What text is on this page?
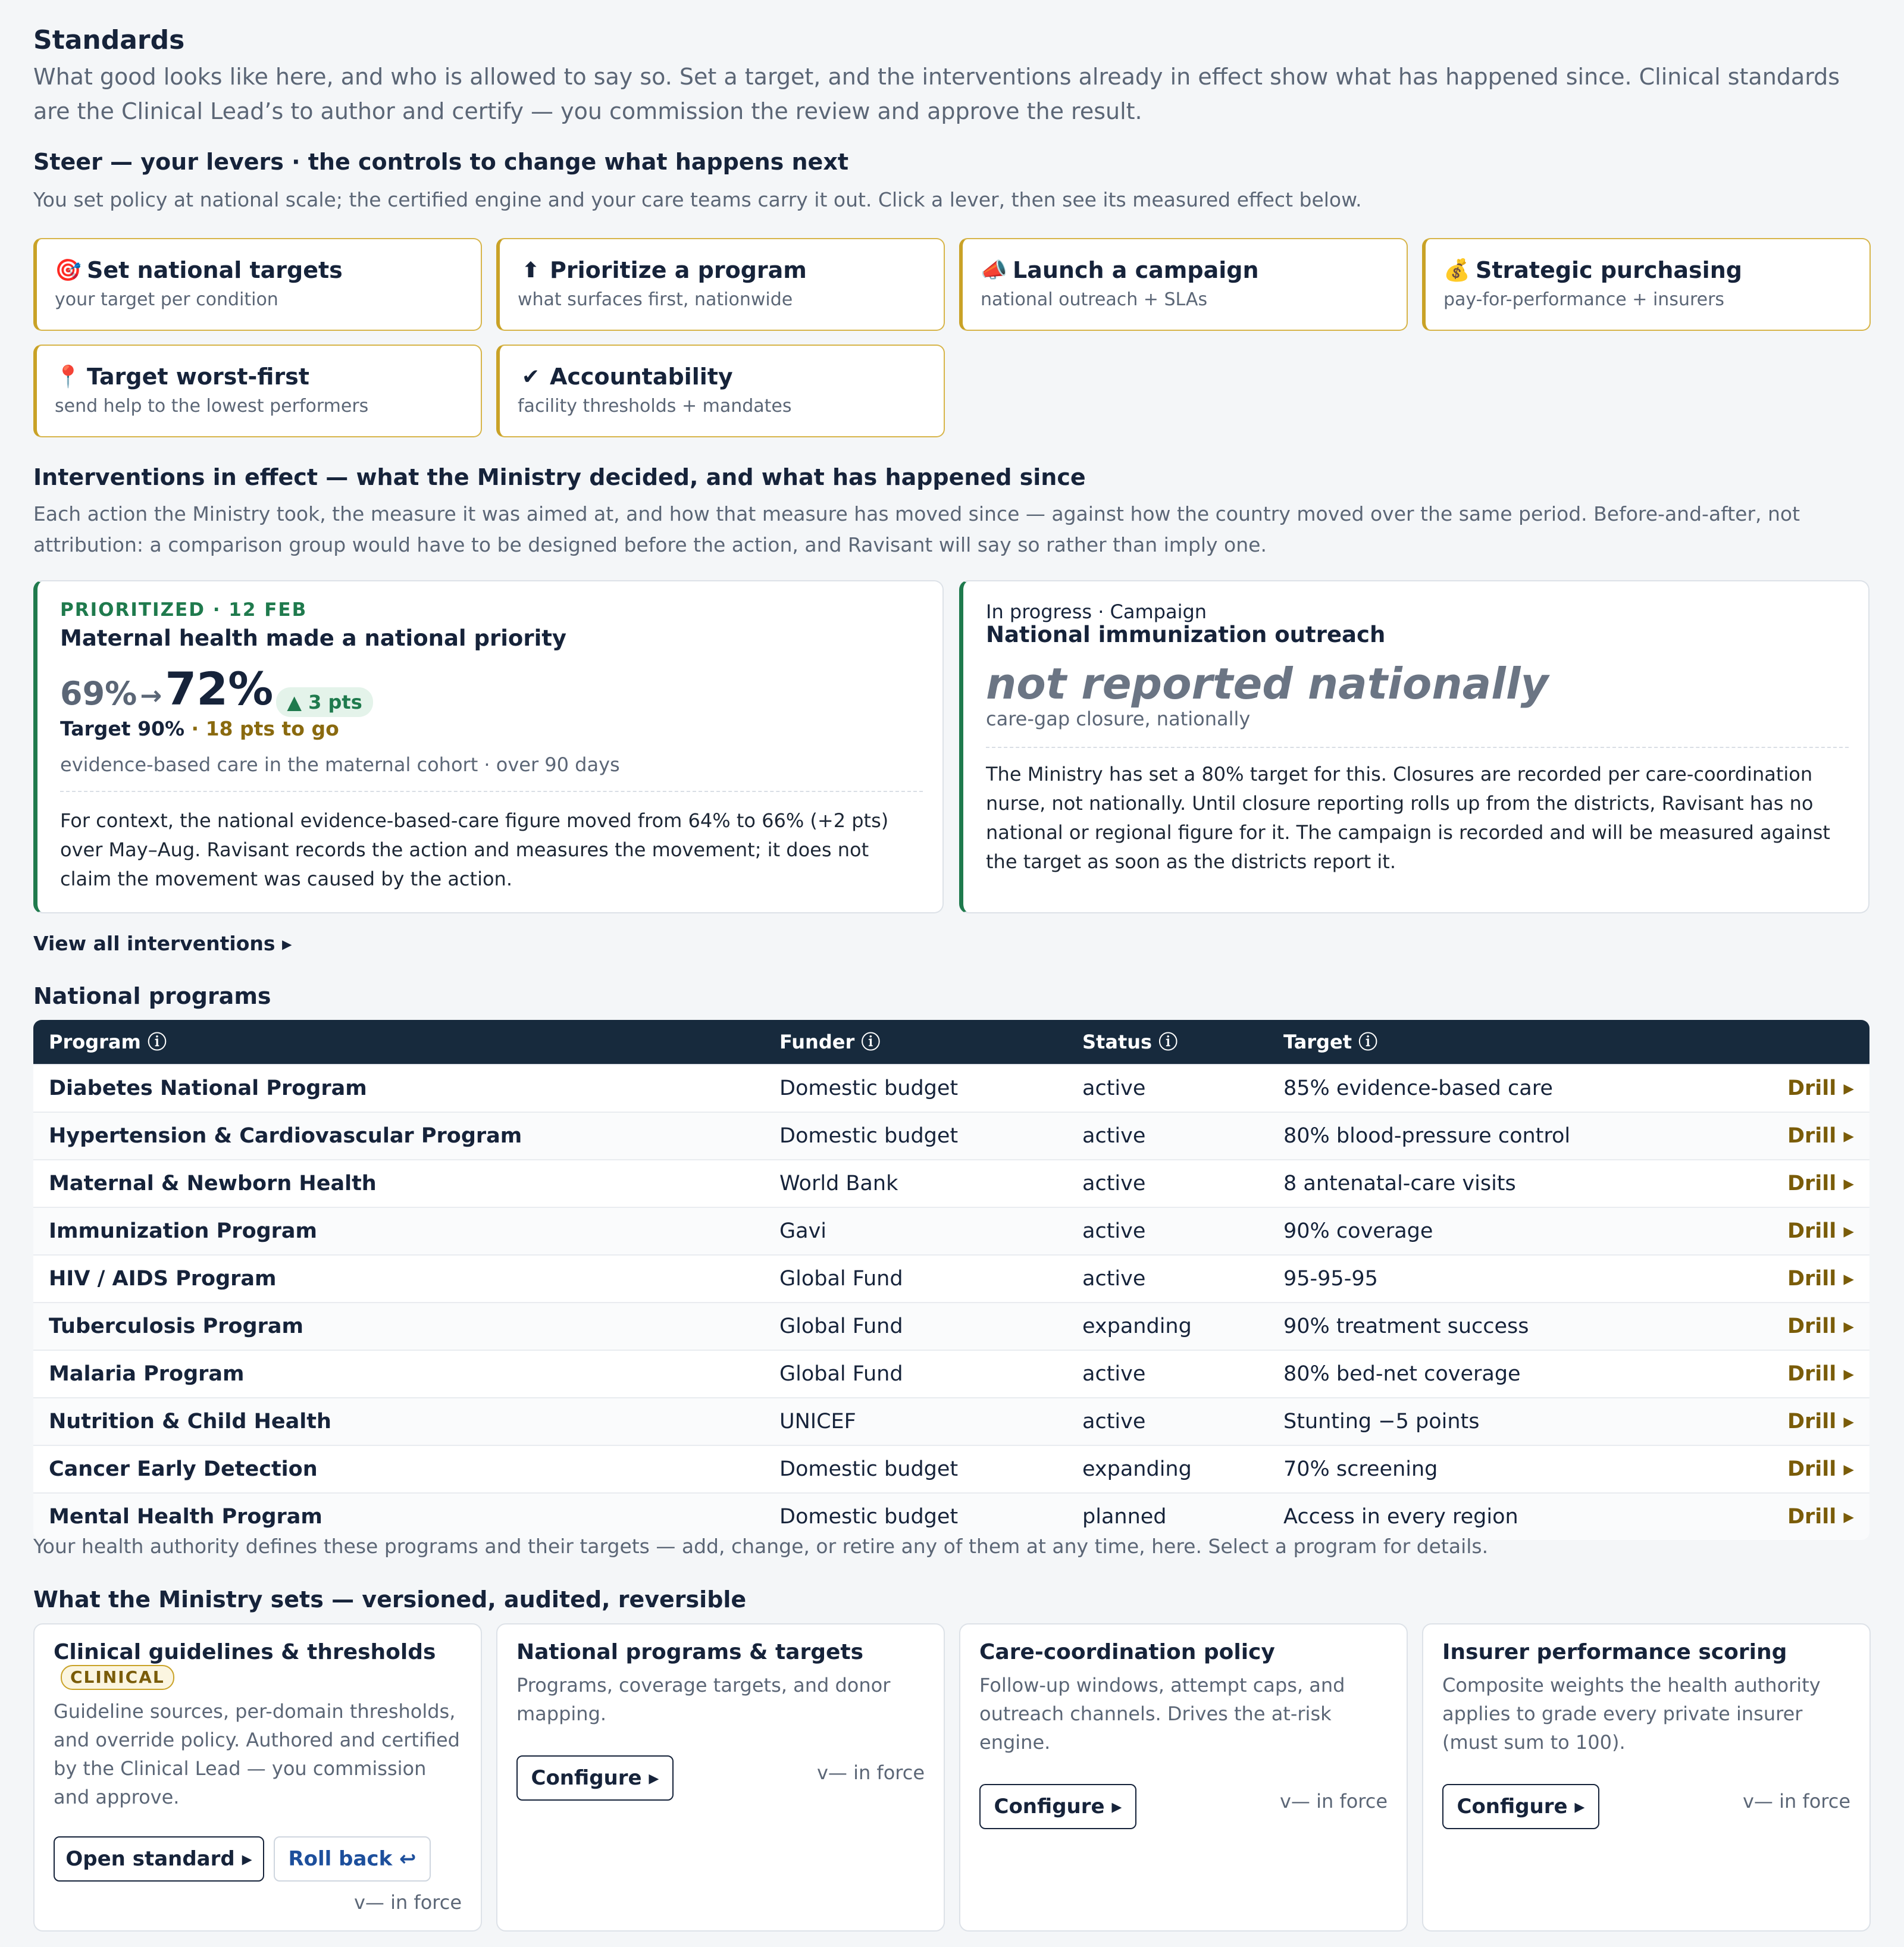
Standards

What good looks like here, and who is allowed to say so. Set a target, and the interventions already in effect show what has happened since. Clinical standards are the Clinical Lead’s to author and certify — you commission the review and approve the result.

Steer — your levers · the controls to change what happens next

You set policy at national scale; the certified engine and your care teams carry it out. Click a lever, then see its measured effect below.

🎯 Set national targets
your target per condition
⬆ Prioritize a program
what surfaces first, nationwide
📣 Launch a campaign
national outreach + SLAs
💰 Strategic purchasing
pay-for-performance + insurers
📍 Target worst-first
send help to the lowest performers
✔ Accountability
facility thresholds + mandates
Interventions in effect — what the Ministry decided, and what has happened since

Each action the Ministry took, the measure it was aimed at, and how that measure has moved since — against how the country moved over the same period. Before-and-after, not attribution: a comparison group would have to be designed before the action, and Ravisant will say so rather than imply one.

PRIORITIZED · 12 FEB
Maternal health made a national priority
69% → 72% ▲ 3 pts
Target 90% · 18 pts to go
evidence-based care in the maternal cohort · over 90 days
For context, the national evidence-based-care figure moved from 64% to 66% (+2 pts) over May–Aug. Ravisant records the action and measures the movement; it does not claim the movement was caused by the action.
In progress · Campaign
National immunization outreach
not reported nationally
care-gap closure, nationally
The Ministry has set a 80% target for this. Closures are recorded per care-coordination nurse, not nationally. Until closure reporting rolls up from the districts, Ravisant has no national or regional figure for it. The campaign is recorded and will be measured against the target as soon as the districts report it.
View all interventions ▸
National programs
Program ⓘ	Funder ⓘ	Status ⓘ	Target ⓘ
Diabetes National Program	Domestic budget	active	85% evidence-based care	Drill ▸
Hypertension & Cardiovascular Program	Domestic budget	active	80% blood-pressure control	Drill ▸
Maternal & Newborn Health	World Bank	active	8 antenatal-care visits	Drill ▸
Immunization Program	Gavi	active	90% coverage	Drill ▸
HIV / AIDS Program	Global Fund	active	95-95-95	Drill ▸
Tuberculosis Program	Global Fund	expanding	90% treatment success	Drill ▸
Malaria Program	Global Fund	active	80% bed-net coverage	Drill ▸
Nutrition & Child Health	UNICEF	active	Stunting −5 points	Drill ▸
Cancer Early Detection	Domestic budget	expanding	70% screening	Drill ▸
Mental Health Program	Domestic budget	planned	Access in every region	Drill ▸

Your health authority defines these programs and their targets — add, change, or retire any of them at any time, here. Select a program for details.

What the Ministry sets — versioned, audited, reversible
Clinical guidelines & thresholds
CLINICAL
Guideline sources, per-domain thresholds, and override policy. Authored and certified by the Clinical Lead — you commission and approve.
Open standard ▸	Roll back ↩
v— in force
National programs & targets
Programs, coverage targets, and donor mapping.
Configure ▸	v— in force
Care-coordination policy
Follow-up windows, attempt caps, and outreach channels. Drives the at-risk engine.
Configure ▸	v— in force
Insurer performance scoring
Composite weights the health authority applies to grade every private insurer (must sum to 100).
Configure ▸	v— in force
